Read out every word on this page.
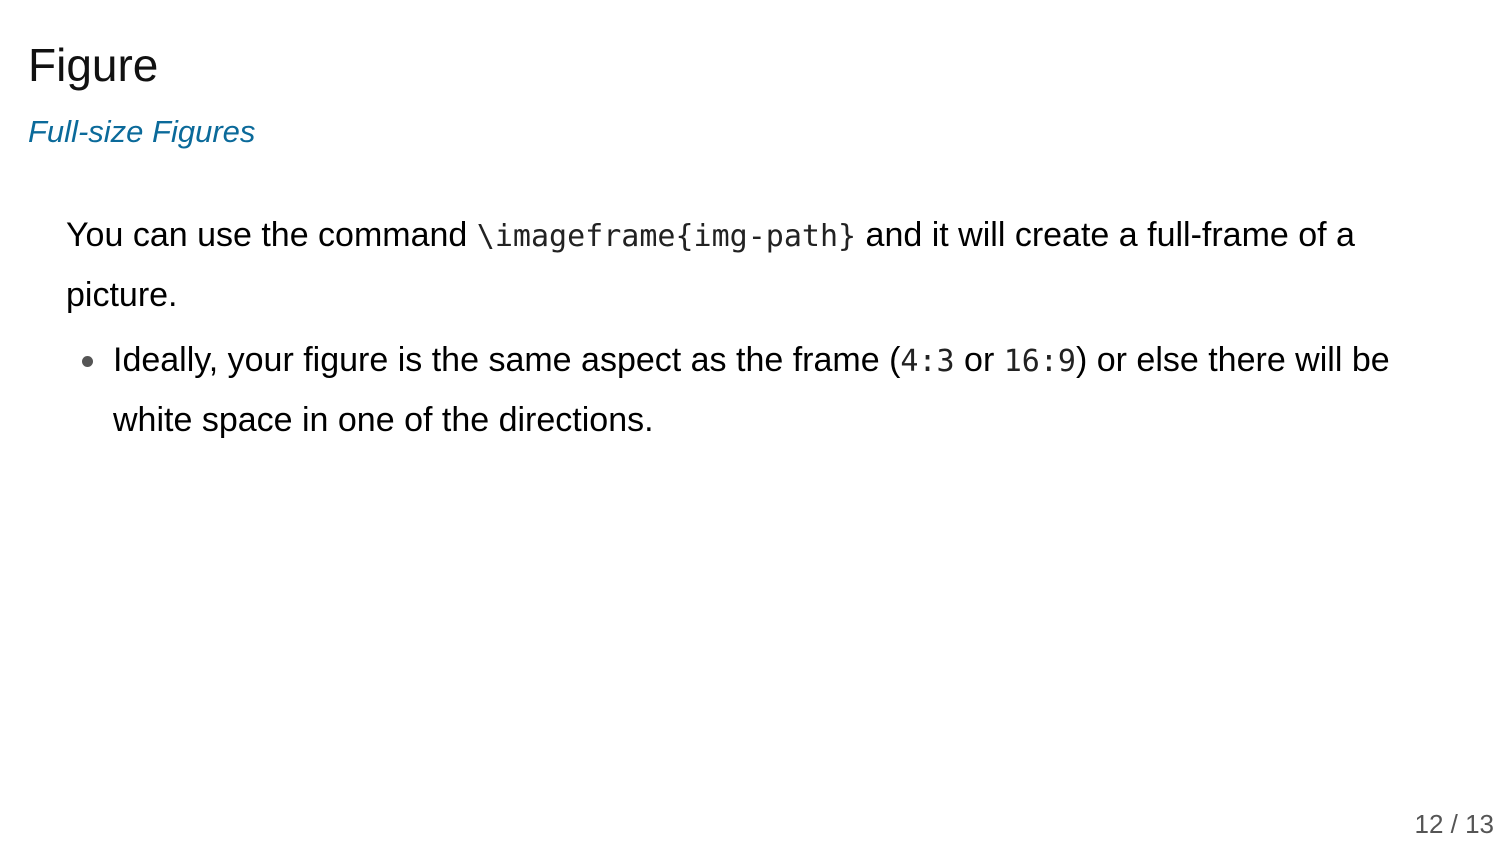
Figure
Full-size Figures

You can use the command \imageframe{img-path} and it will create a full-frame of a picture.

Ideally, your figure is the same aspect as the frame (4:3 or 16:9) or else there will be white space in one of the directions.
12 / 13
